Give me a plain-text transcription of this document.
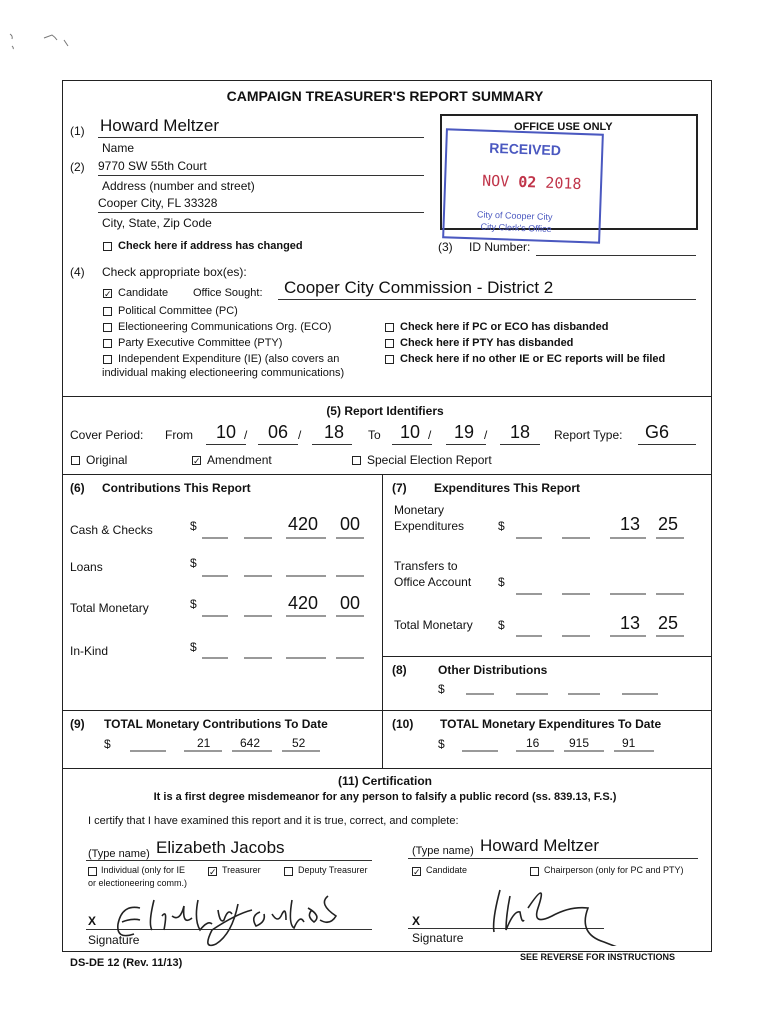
CAMPAIGN TREASURER'S REPORT SUMMARY
(1) Howard Meltzer
Name
(2) 9770 SW 55th Court
Address (number and street)
Cooper City, FL 33328
City, State, Zip Code
Check here if address has changed
OFFICE USE ONLY
RECEIVED
NOV 02 2018
City of Cooper City
City Clerk's Office
(3) ID Number:
(4) Check appropriate box(es):
✓ Candidate Office Sought: Cooper City Commission - District 2
Political Committee (PC)
Electioneering Communications Org. (ECO)
Party Executive Committee (PTY)
Independent Expenditure (IE) (also covers an
individual making electioneering communications)
Check here if PC or ECO has disbanded
Check here if PTY has disbanded
Check here if no other IE or EC reports will be filed
(5) Report Identifiers
Cover Period: From 10 / 06 / 18 To 10 / 19 / 18 Report Type: G6
Original	✓ Amendment	Special Election Report
(6) Contributions This Report
Cash & Checks	$	420 00
Loans	$
Total Monetary	$	420 00
In-Kind	$
(7) Expenditures This Report
Monetary
Expenditures	$	13 25
Transfers to
Office Account $
Total Monetary $	13 25
(8)	Other Distributions
$
(9) TOTAL Monetary Contributions To Date
$	21 642	52
(10) TOTAL Monetary Expenditures To Date
$	16 915	91
(11) Certification
It is a first degree misdemeanor for any person to falsify a public record (ss. 839.13, F.S.)
I certify that I have examined this report and it is true, correct, and complete:
(Type name) Elizabeth Jacobs
Individual (only for IE
or electioneering comm.)
✓ Treasurer	Deputy Treasurer
(Type name) Howard Meltzer
✓ Candidate	Chairperson (only for PC and PTY)
X
Signature
X
Signature
DS-DE 12 (Rev. 11/13)	SEE REVERSE FOR INSTRUCTIONS
